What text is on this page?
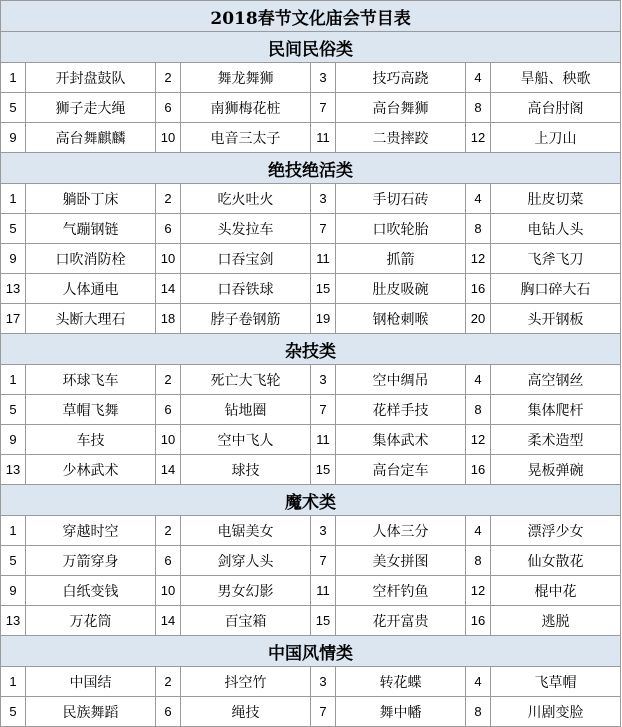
2018春节文化庙会节目表							
民间民俗类							
1	开封盘鼓队	2	舞龙舞狮	3	技巧高跷	4	旱船、秧歌
5	狮子走大绳	6	南狮梅花桩	7	高台舞狮	8	高台肘阁
9	高台舞麒麟	10	电音三太子	11	二贵摔跤	12	上刀山
绝技绝活类							
1	躺卧丁床	2	吃火吐火	3	手切石砖	4	肚皮切菜
5	气蹦钢链	6	头发拉车	7	口吹轮胎	8	电钻人头
9	口吹消防栓	10	口吞宝剑	11	抓箭	12	飞斧飞刀
13	人体通电	14	口吞铁球	15	肚皮吸碗	16	胸口碎大石
17	头断大理石	18	脖子卷钢筋	19	钢枪刺喉	20	头开钢板
杂技类							
1	环球飞车	2	死亡大飞轮	3	空中绸吊	4	高空钢丝
5	草帽飞舞	6	钻地圈	7	花样手技	8	集体爬杆
9	车技	10	空中飞人	11	集体武术	12	柔术造型
13	少林武术	14	球技	15	高台定车	16	晃板弹碗
魔术类							
1	穿越时空	2	电锯美女	3	人体三分	4	漂浮少女
5	万箭穿身	6	剑穿人头	7	美女拼图	8	仙女散花
9	白纸变钱	10	男女幻影	11	空杆钓鱼	12	棍中花
13	万花筒	14	百宝箱	15	花开富贵	16	逃脱
中国风情类							
1	中国结	2	抖空竹	3	转花蝶	4	飞草帽
5	民族舞蹈	6	绳技	7	舞中幡	8	川剧变脸
